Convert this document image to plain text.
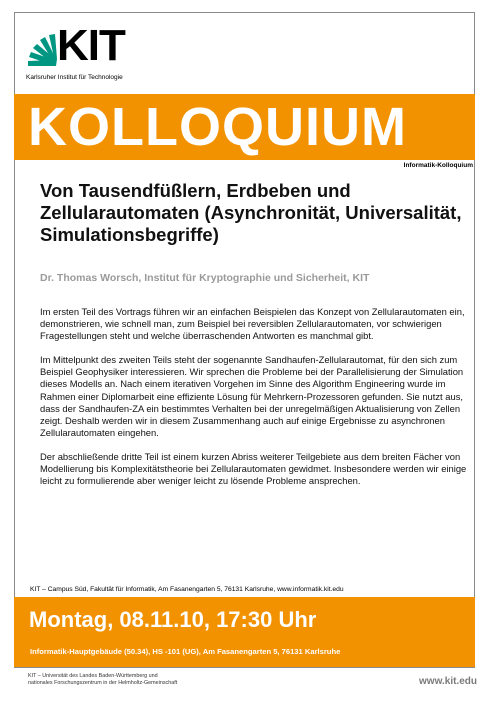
KIT
Karlsruher Institut für Technologie
KOLLOQUIUM
Informatik-Kolloquium
Von Tausendfüßlern, Erdbeben und Zellularautomaten (Asynchronität, Universalität, Simulationsbegriffe)
Dr. Thomas Worsch, Institut für Kryptographie und Sicherheit, KIT

Im ersten Teil des Vortrags führen wir an einfachen Beispielen das Konzept von Zellularautomaten ein, demonstrieren, wie schnell man, zum Beispiel bei reversiblen Zellularautomaten, vor schwierigen Fragestellungen steht und welche überraschenden Antworten es manchmal gibt.

Im Mittelpunkt des zweiten Teils steht der sogenannte Sandhaufen-Zellularautomat, für den sich zum Beispiel Geophysiker interessieren. Wir sprechen die Probleme bei der Parallelisierung der Simulation dieses Modells an. Nach einem iterativen Vorgehen im Sinne des Algorithm Engineering wurde im Rahmen einer Diplomarbeit eine effiziente Lösung für Mehrkern-Prozessoren gefunden. Sie nutzt aus, dass der Sandhaufen-ZA ein bestimmtes Verhalten bei der unregelmäßigen Aktualisierung von Zellen zeigt. Deshalb werden wir in diesem Zusammenhang auch auf einige Ergebnisse zu asynchronen Zellularautomaten eingehen.

Der abschließende dritte Teil ist einem kurzen Abriss weiterer Teilgebiete aus dem breiten Fächer von Modellierung bis Komplexitätstheorie bei Zellularautomaten gewidmet. Insbesondere werden wir einige leicht zu formulierende aber weniger leicht zu lösende Probleme ansprechen.

KIT – Campus Süd, Fakultät für Informatik, Am Fasanengarten 5, 76131 Karlsruhe, www.informatik.kit.edu
Montag, 08.11.10, 17:30 Uhr
Informatik-Hauptgebäude (50.34), HS -101 (UG), Am Fasanengarten 5, 76131 Karlsruhe
KIT – Universität des Landes Baden-Württemberg und
nationales Forschungszentrum in der Helmholtz-Gemeinschaft	www.kit.edu
